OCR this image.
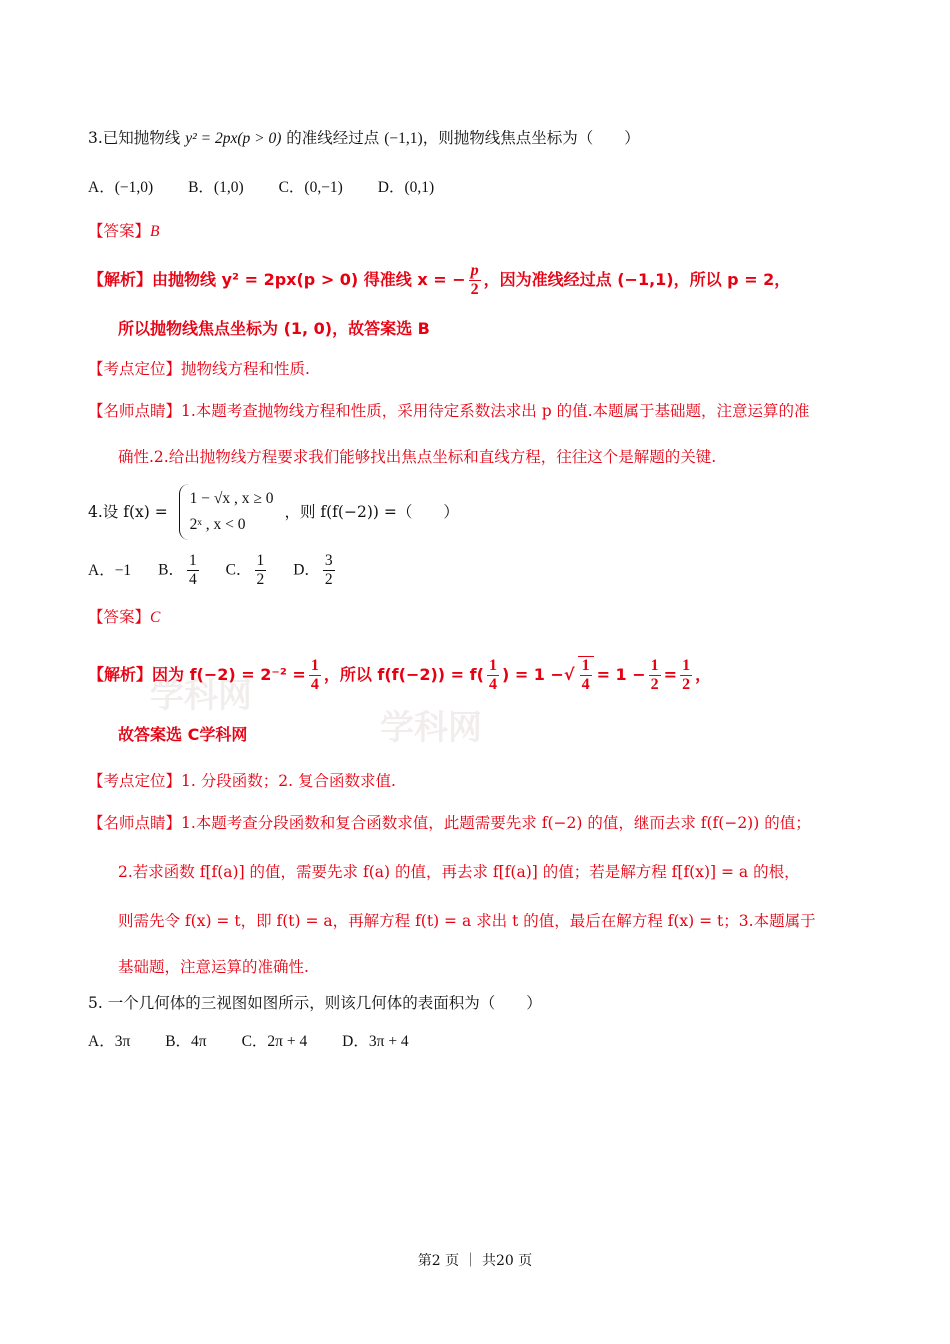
3.已知抛物线 y² = 2px(p > 0) 的准线经过点 (−1,1)，则抛物线焦点坐标为（　　）
A．(−1,0) B．(1,0) C．(0,−1) D．(0,1)
【答案】B
【解析】由抛物线 y² = 2px(p > 0) 得准线 x = − $\frac{p}{2}$ ，因为准线经过点 (−1,1)，所以 p = 2，
所以抛物线焦点坐标为 (1, 0)，故答案选 B
【考点定位】抛物线方程和性质.
【名师点睛】1.本题考查抛物线方程和性质，采用待定系数法求出 p 的值.本题属于基础题，注意运算的准
确性.2.给出抛物线方程要求我们能够找出焦点坐标和直线方程，往往这个是解题的关键.
4.设 f(x) =
1 − √x , x ≥ 0
2ˣ , x < 0
，则 f(f(−2)) =（　　）
A．−1 B． $\frac{1}{4}$ C． $\frac{1}{2}$ D． $\frac{3}{2}$
【答案】C
学科网
学科网
【解析】因为 $f(-2) = 2^{-2} = \frac{1}{4}$ ，所以 $f(f(-2)) = f( \frac{1}{4}$ ) = 1 −√ $\frac{1}{4} = 1 - \frac{1}{2} = \frac{1}{2}$ ，
故答案选 C学科网
【考点定位】1. 分段函数；2. 复合函数求值.
【名师点睛】1.本题考查分段函数和复合函数求值，此题需要先求 f(−2) 的值，继而去求 f(f(−2)) 的值；
2.若求函数 f[f(a)] 的值，需要先求 f(a) 的值，再去求 f[f(a)] 的值；若是解方程 f[f(x)] = a 的根，
则需先令 f(x) = t，即 f(t) = a，再解方程 f(t) = a 求出 t 的值，最后在解方程 f(x) = t；3.本题属于
基础题，注意运算的准确性.
5. 一个几何体的三视图如图所示，则该几何体的表面积为（　　）
A．3π B．4π C．2π + 4 D．3π + 4
第2 页 ｜ 共20 页
